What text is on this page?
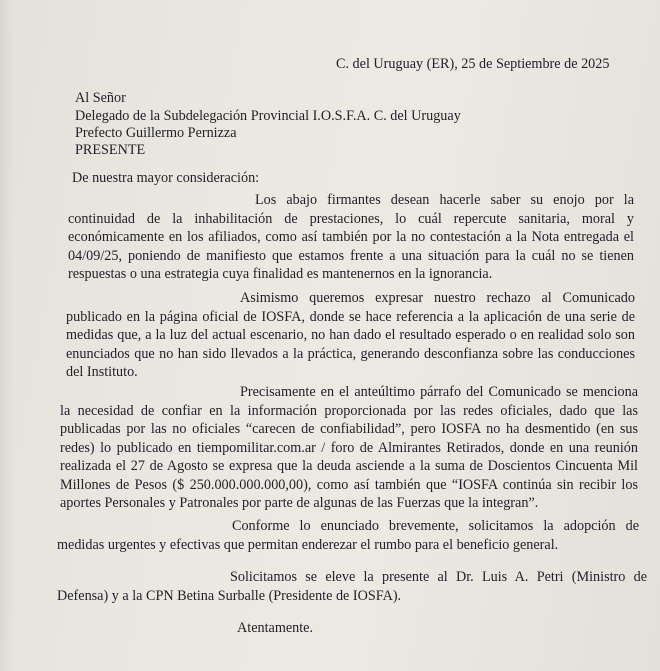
C. del Uruguay (ER), 25 de Septiembre de 2025
Al Señor
Delegado de la Subdelegación Provincial I.O.S.F.A. C. del Uruguay
Prefecto Guillermo Pernizza
PRESENTE
De nuestra mayor consideración:
Los abajo firmantes desean hacerle saber su enojo por la
continuidad de la inhabilitación de prestaciones, lo cuál repercute sanitaria, moral y
económicamente en los afiliados, como así también por la no contestación a la Nota entregada el
04/09/25, poniendo de manifiesto que estamos frente a una situación para la cuál no se tienen
respuestas o una estrategia cuya finalidad es mantenernos en la ignorancia.
Asimismo queremos expresar nuestro rechazo al Comunicado
publicado en la página oficial de IOSFA, donde se hace referencia a la aplicación de una serie de
medidas que, a la luz del actual escenario, no han dado el resultado esperado o en realidad solo son
enunciados que no han sido llevados a la práctica, generando desconfianza sobre las conducciones
del Instituto.
Precisamente en el anteúltimo párrafo del Comunicado se menciona
la necesidad de confiar en la información proporcionada por las redes oficiales, dado que las
publicadas por las no oficiales “carecen de confiabilidad”, pero IOSFA no ha desmentido (en sus
redes) lo publicado en tiempomilitar.com.ar / foro de Almirantes Retirados, donde en una reunión
realizada el 27 de Agosto se expresa que la deuda asciende a la suma de Doscientos Cincuenta Mil
Millones de Pesos ($ 250.000.000.000,00), como así también que “IOSFA continúa sin recibir los
aportes Personales y Patronales por parte de algunas de las Fuerzas que la integran”.
Conforme lo enunciado brevemente, solicitamos la adopción de
medidas urgentes y efectivas que permitan enderezar el rumbo para el beneficio general.
Solicitamos se eleve la presente al Dr. Luis A. Petri (Ministro de
Defensa) y a la CPN Betina Surballe (Presidente de IOSFA).
Atentamente.
